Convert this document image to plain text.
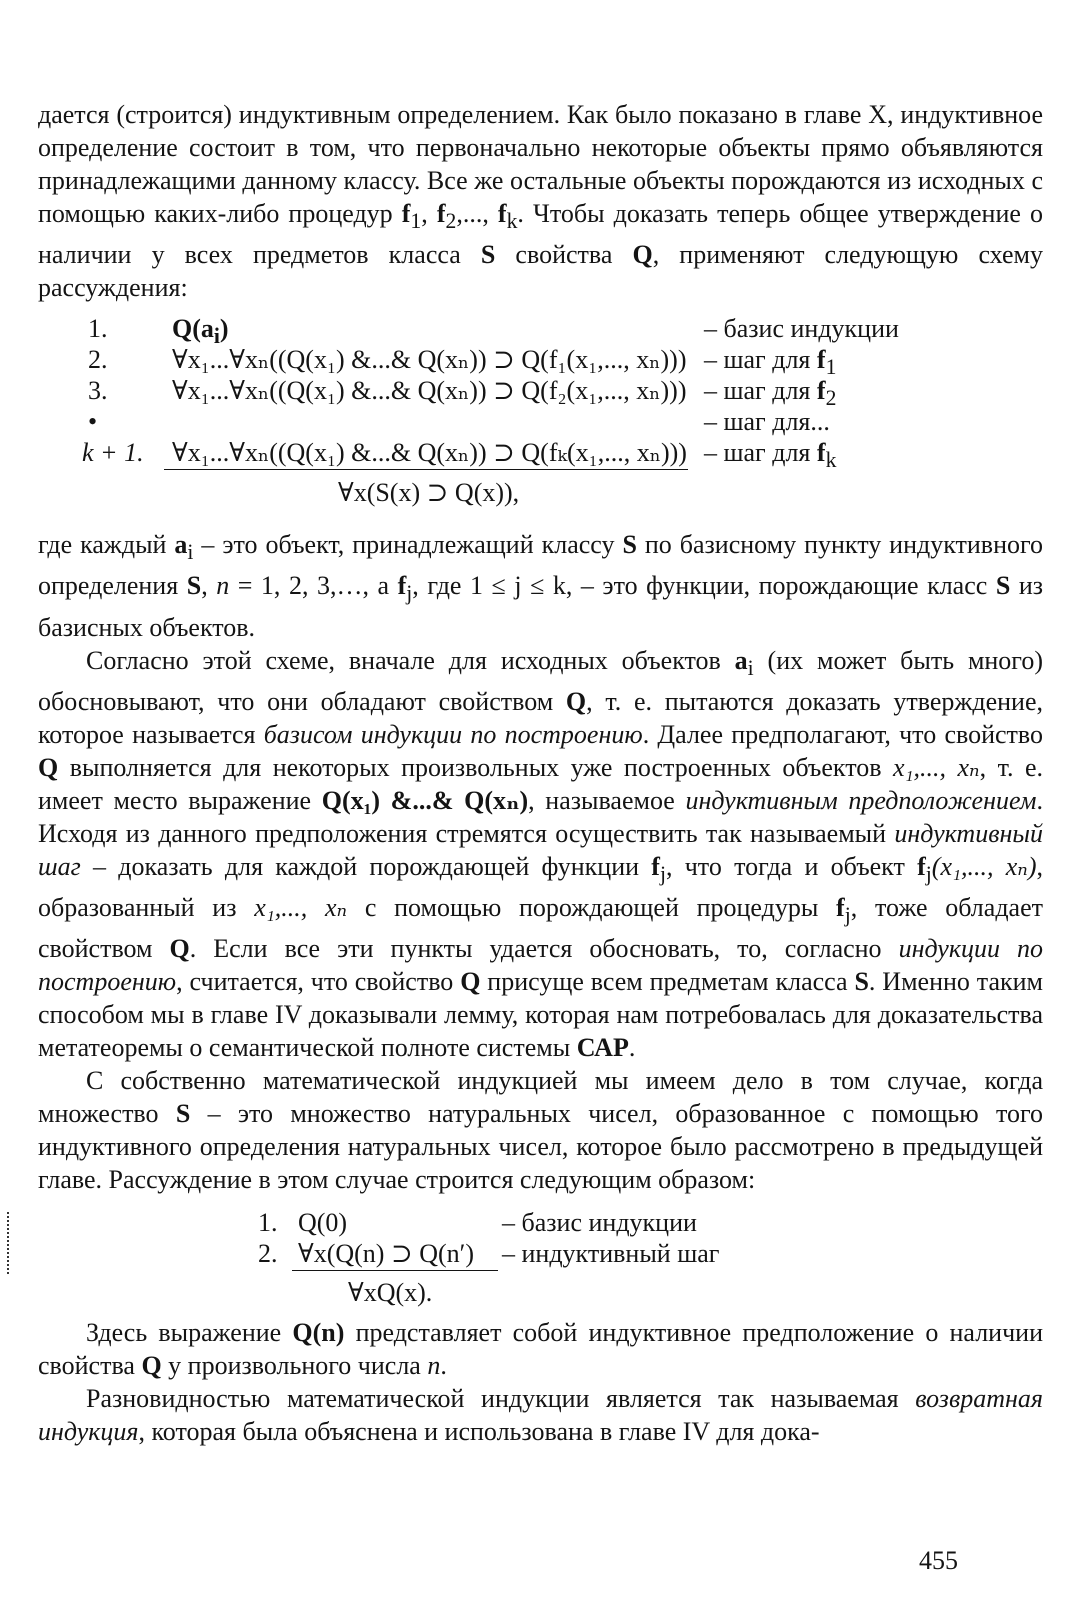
дается (строится) индуктивным определением. Как было показано в главе X, индуктивное определение состоит в том, что первоначально некоторые объекты прямо объявляются принадлежащими данному классу. Все же остальные объекты порождаются из исходных с помощью каких-либо процедур $f_1$, $f_2$,..., $f_k$. Чтобы доказать теперь общее утверждение о наличии у всех предметов класса S свойства Q, применяют следующую схему рассуждения:

1. $Q(a_i)$	– базис индукции
2. ∀x₁...∀xₙ((Q(x₁) &...& Q(xₙ)) ⊃ Q(f₁(x₁,..., xₙ))) – шаг для $f_1$
3. ∀x₁...∀xₙ((Q(x₁) &...& Q(xₙ)) ⊃ Q(f₂(x₁,..., xₙ))) – шаг для $f_2$
•	– шаг для...
k + 1. ∀x₁...∀xₙ((Q(x₁) &...& Q(xₙ)) ⊃ Q(fₖ(x₁,..., xₙ))) – шаг для $f_k$
∀x(S(x) ⊃ Q(x)),

где каждый $a_i$ – это объект, принадлежащий классу S по базисному пункту индуктивного определения S, n = 1, 2, 3,…, а $f_j$, где 1 ≤ j ≤ k, – это функции, порождающие класс S из базисных объектов.

Согласно этой схеме, вначале для исходных объектов $a_i$ (их может быть много) обосновывают, что они обладают свойством Q, т. е. пытаются доказать утверждение, которое называется базисом индукции по построению. Далее предполагают, что свойство Q выполняется для некоторых произвольных уже построенных объектов x₁,..., xₙ, т. е. имеет место выражение Q(x₁) &...& Q(xₙ), называемое индуктивным предположением. Исходя из данного предположения стремятся осуществить так называемый индуктивный шаг – доказать для каждой порождающей функции $f_j$, что тогда и объект $f_j(x_1$,..., xₙ), образованный из x₁,..., xₙ с помощью порождающей процедуры $f_j$, тоже обладает свойством Q. Если все эти пункты удается обосновать, то, согласно индукции по построению, считается, что свойство Q присуще всем предметам класса S. Именно таким способом мы в главе IV доказывали лемму, которая нам потребовалась для доказательства метатеоремы о семантической полноте системы САР.

С собственно математической индукцией мы имеем дело в том случае, когда множество S – это множество натуральных чисел, образованное с помощью того индуктивного определения натуральных чисел, которое было рассмотрено в предыдущей главе. Рассуждение в этом случае строится следующим образом:

1. Q(0)	– базис индукции
2. ∀x(Q(n) ⊃ Q(n′) – индуктивный шаг
∀xQ(x).

Здесь выражение Q(n) представляет собой индуктивное предположение о наличии свойства Q у произвольного числа n.

Разновидностью математической индукции является так называемая возвратная индукция, которая была объяснена и использована в главе IV для дока-

455
